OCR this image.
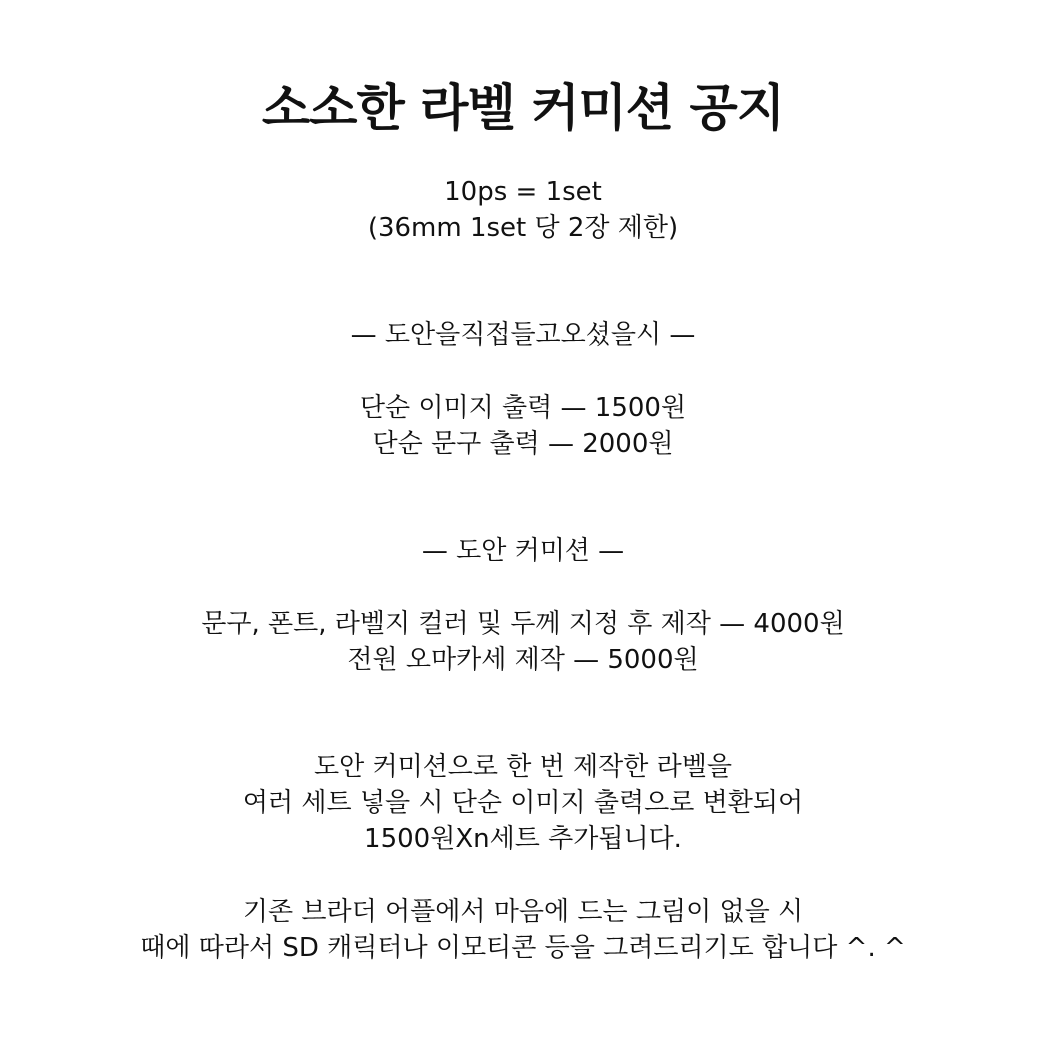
소소한 라벨 커미션 공지
10ps = 1set
(36mm 1set 당 2장 제한)
— 도안을직접들고오셨을시 —
단순 이미지 출력 — 1500원
단순 문구 출력 — 2000원
— 도안 커미션 —
문구, 폰트, 라벨지 컬러 및 두께 지정 후 제작 — 4000원
전원 오마카세 제작 — 5000원
도안 커미션으로 한 번 제작한 라벨을
여러 세트 넣을 시 단순 이미지 출력으로 변환되어
1500원Xn세트 추가됩니다.
기존 브라더 어플에서 마음에 드는 그림이 없을 시
때에 따라서 SD 캐릭터나 이모티콘 등을 그려드리기도 합니다 ^. ^
